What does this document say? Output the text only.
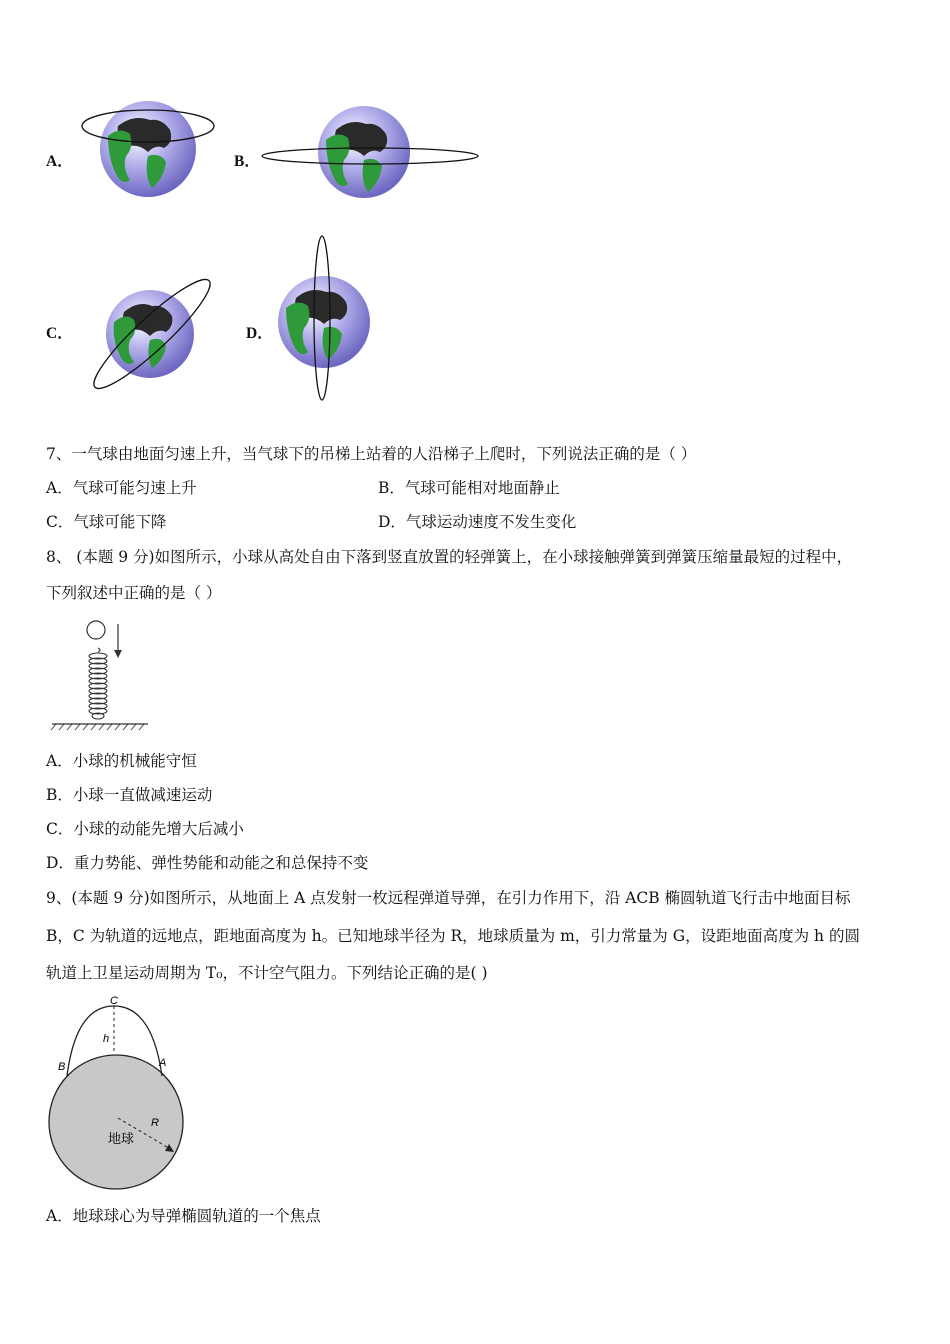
A．	B．
C．	D．
7、一气球由地面匀速上升，当气球下的吊梯上站着的人沿梯子上爬时，下列说法正确的是（ ）
A．气球可能匀速上升	B．气球可能相对地面静止
C．气球可能下降	D．气球运动速度不发生变化
8、 (本题 9 分)如图所示，小球从高处自由下落到竖直放置的轻弹簧上，在小球接触弹簧到弹簧压缩量最短的过程中，
下列叙述中正确的是（ ）
A．小球的机械能守恒
B．小球一直做减速运动
C．小球的动能先增大后减小
D．重力势能、弹性势能和动能之和总保持不变
9、(本题 9 分)如图所示，从地面上 A 点发射一枚远程弹道导弹，在引力作用下，沿 ACB 椭圆轨道飞行击中地面目标
B，C 为轨道的远地点，距地面高度为 h。已知地球半径为 R，地球质量为 m，引力常量为 G，设距地面高度为 h 的圆
轨道上卫星运动周期为 T₀，不计空气阻力。下列结论正确的是( )
C
h
B	A
R
地球
A．地球球心为导弹椭圆轨道的一个焦点
